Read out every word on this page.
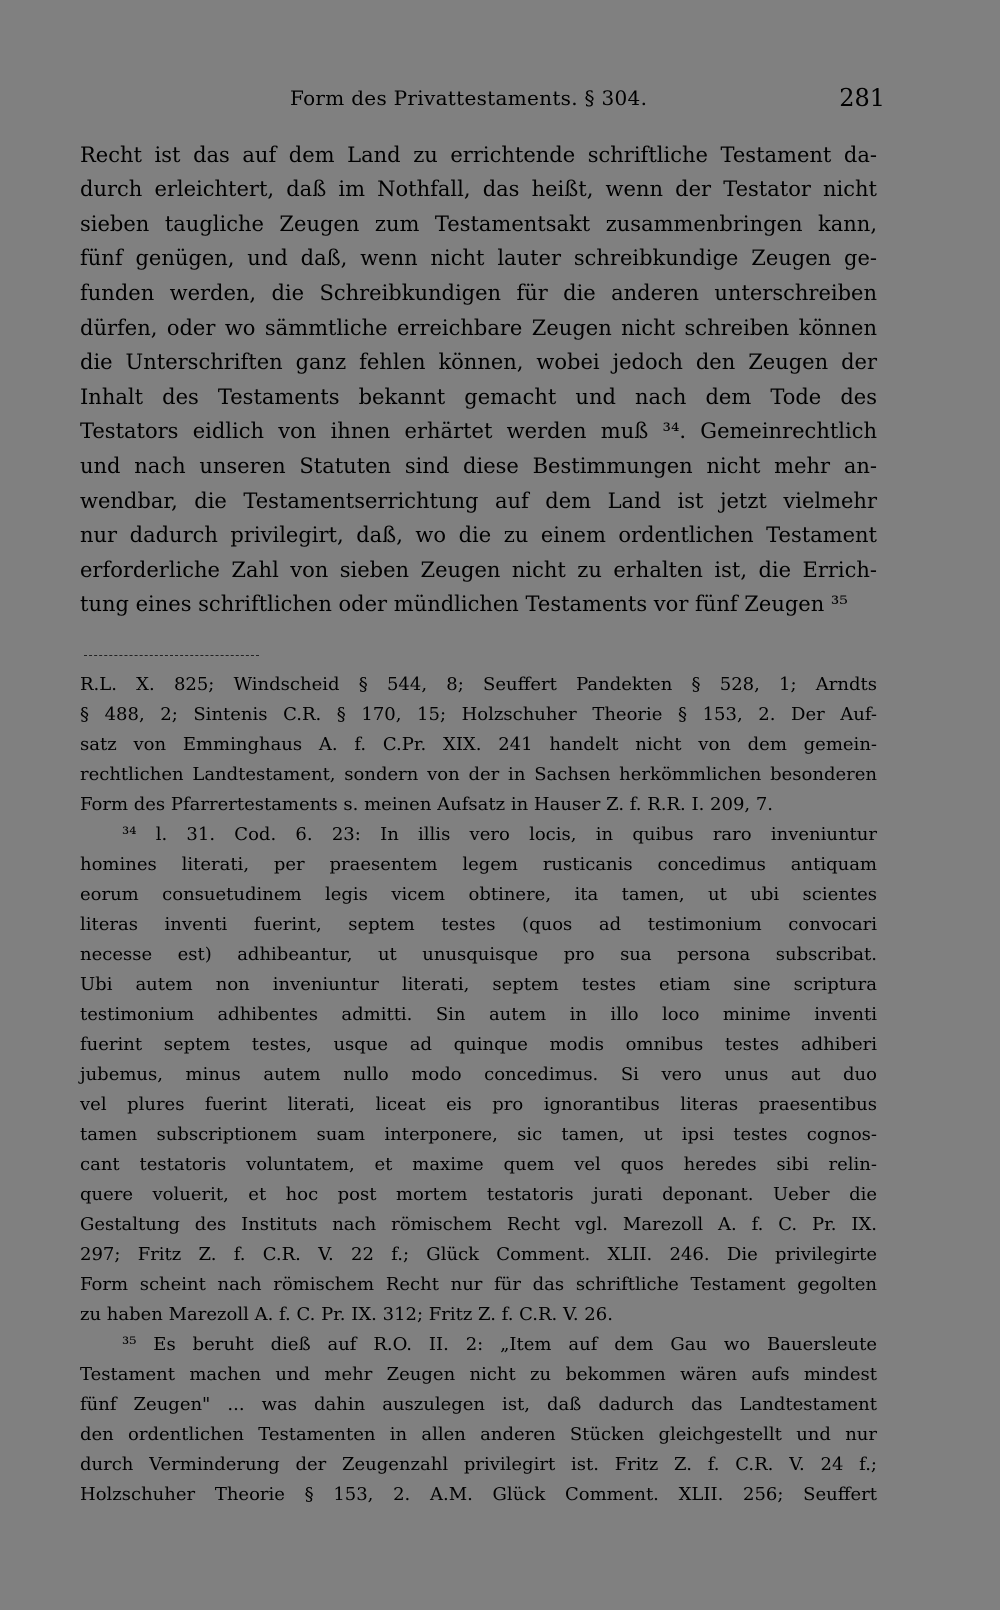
Form des Privattestaments. § 304.	281
Recht ist das auf dem Land zu errichtende schriftliche Testament da-
durch erleichtert, daß im Nothfall, das heißt, wenn der Testator nicht
sieben taugliche Zeugen zum Testamentsakt zusammenbringen kann,
fünf genügen, und daß, wenn nicht lauter schreibkundige Zeugen ge-
funden werden, die Schreibkundigen für die anderen unterschreiben
dürfen, oder wo sämmtliche erreichbare Zeugen nicht schreiben können
die Unterschriften ganz fehlen können, wobei jedoch den Zeugen der
Inhalt des Testaments bekannt gemacht und nach dem Tode des
Testators eidlich von ihnen erhärtet werden muß ³⁴. Gemeinrechtlich
und nach unseren Statuten sind diese Bestimmungen nicht mehr an-
wendbar, die Testamentserrichtung auf dem Land ist jetzt vielmehr
nur dadurch privilegirt, daß, wo die zu einem ordentlichen Testament
erforderliche Zahl von sieben Zeugen nicht zu erhalten ist, die Errich-
tung eines schriftlichen oder mündlichen Testaments vor fünf Zeugen ³⁵
R.L. X. 825; Windscheid § 544, 8; Seuffert Pandekten § 528, 1; Arndts
§ 488, 2; Sintenis C.R. § 170, 15; Holzschuher Theorie § 153, 2. Der Auf-
satz von Emminghaus A. f. C.Pr. XIX. 241 handelt nicht von dem gemein-
rechtlichen Landtestament, sondern von der in Sachsen herkömmlichen besonderen
Form des Pfarrertestaments s. meinen Aufsatz in Hauser Z. f. R.R. I. 209, 7.
³⁴ l. 31. Cod. 6. 23: In illis vero locis, in quibus raro inveniuntur
homines literati, per praesentem legem rusticanis concedimus antiquam
eorum consuetudinem legis vicem obtinere, ita tamen, ut ubi scientes
literas inventi fuerint, septem testes (quos ad testimonium convocari
necesse est) adhibeantur, ut unusquisque pro sua persona subscribat.
Ubi autem non inveniuntur literati, septem testes etiam sine scriptura
testimonium adhibentes admitti. Sin autem in illo loco minime inventi
fuerint septem testes, usque ad quinque modis omnibus testes adhiberi
jubemus, minus autem nullo modo concedimus. Si vero unus aut duo
vel plures fuerint literati, liceat eis pro ignorantibus literas praesentibus
tamen subscriptionem suam interponere, sic tamen, ut ipsi testes cognos-
cant testatoris voluntatem, et maxime quem vel quos heredes sibi relin-
quere voluerit, et hoc post mortem testatoris jurati deponant. Ueber die
Gestaltung des Instituts nach römischem Recht vgl. Marezoll A. f. C. Pr. IX.
297; Fritz Z. f. C.R. V. 22 f.; Glück Comment. XLII. 246. Die privilegirte
Form scheint nach römischem Recht nur für das schriftliche Testament gegolten
zu haben Marezoll A. f. C. Pr. IX. 312; Fritz Z. f. C.R. V. 26.
³⁵ Es beruht dieß auf R.O. II. 2: „Item auf dem Gau wo Bauersleute
Testament machen und mehr Zeugen nicht zu bekommen wären aufs mindest
fünf Zeugen" ... was dahin auszulegen ist, daß dadurch das Landtestament
den ordentlichen Testamenten in allen anderen Stücken gleichgestellt und nur
durch Verminderung der Zeugenzahl privilegirt ist. Fritz Z. f. C.R. V. 24 f.;
Holzschuher Theorie § 153, 2. A.M. Glück Comment. XLII. 256; Seuffert
